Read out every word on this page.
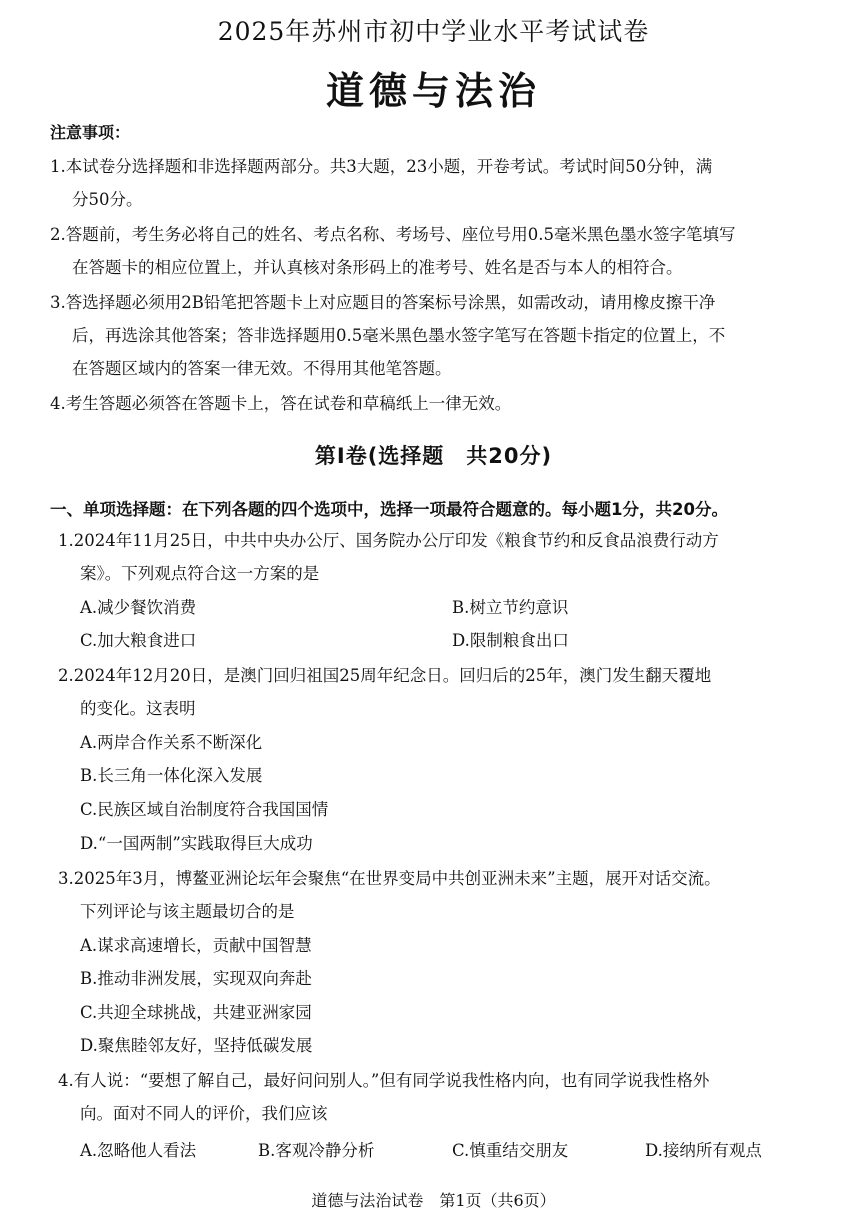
2025年苏州市初中学业水平考试试卷
道德与法治
注意事项：
1.本试卷分选择题和非选择题两部分。共3大题，23小题，开卷考试。考试时间50分钟，满
分50分。
2.答题前，考生务必将自己的姓名、考点名称、考场号、座位号用0.5毫米黑色墨水签字笔填写
在答题卡的相应位置上，并认真核对条形码上的准考号、姓名是否与本人的相符合。
3.答选择题必须用2B铅笔把答题卡上对应题目的答案标号涂黑，如需改动，请用橡皮擦干净
后，再选涂其他答案；答非选择题用0.5毫米黑色墨水签字笔写在答题卡指定的位置上，不
在答题区域内的答案一律无效。不得用其他笔答题。
4.考生答题必须答在答题卡上，答在试卷和草稿纸上一律无效。
第Ⅰ卷(选择题　共20分)
一、单项选择题：在下列各题的四个选项中，选择一项最符合题意的。每小题1分，共20分。
1.2024年11月25日，中共中央办公厅、国务院办公厅印发《粮食节约和反食品浪费行动方
案》。下列观点符合这一方案的是
A.减少餐饮消费	B.树立节约意识
C.加大粮食进口	D.限制粮食出口
2.2024年12月20日，是澳门回归祖国25周年纪念日。回归后的25年，澳门发生翻天覆地
的变化。这表明
A.两岸合作关系不断深化
B.长三角一体化深入发展
C.民族区域自治制度符合我国国情
D.“一国两制”实践取得巨大成功
3.2025年3月，博鳌亚洲论坛年会聚焦“在世界变局中共创亚洲未来”主题，展开对话交流。
下列评论与该主题最切合的是
A.谋求高速增长，贡献中国智慧
B.推动非洲发展，实现双向奔赴
C.共迎全球挑战，共建亚洲家园
D.聚焦睦邻友好，坚持低碳发展
4.有人说：“要想了解自己，最好问问别人。”但有同学说我性格内向，也有同学说我性格外
向。面对不同人的评价，我们应该
A.忽略他人看法	B.客观冷静分析	C.慎重结交朋友	D.接纳所有观点
道德与法治试卷　第1页（共6页）
